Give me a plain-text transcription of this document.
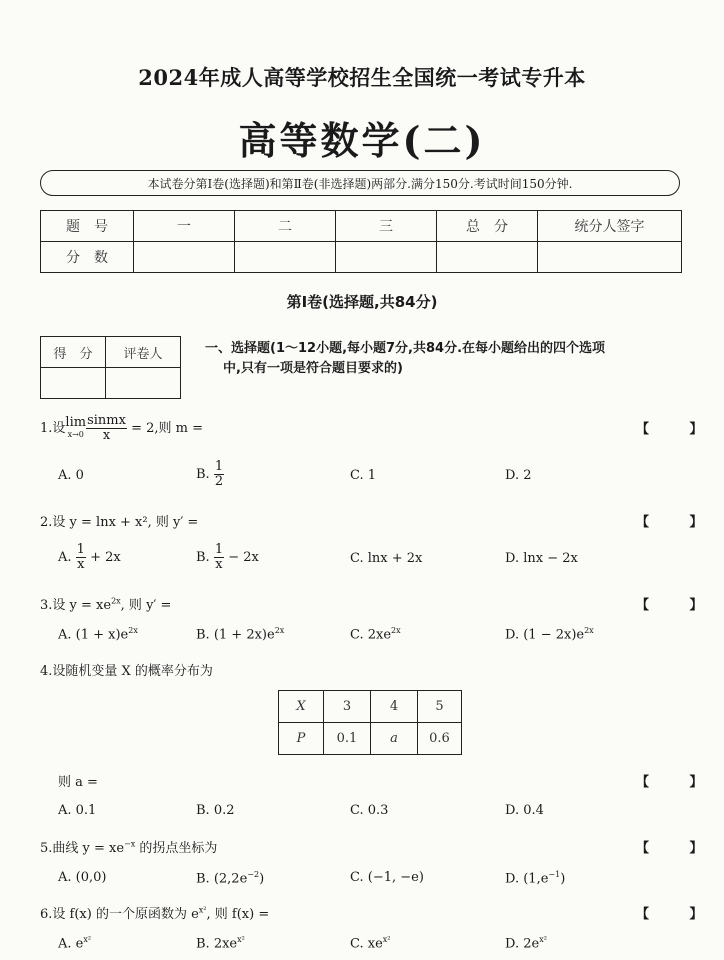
2024年成人高等学校招生全国统一考试专升本
高等数学(二)
本试卷分第Ⅰ卷(选择题)和第Ⅱ卷(非选择题)两部分.满分150分.考试时间150分钟.
题　号	一	二	三	总　分	统分人签字
分　数					
第Ⅰ卷(选择题,共84分)
得　分	评卷人
		一、选择题(1～12小题,每小题7分,共84分.在每小题给出的四个选项
中,只有一项是符合题目要求的)
1.设lim
$x\to 0 \frac{\text{sinmx}}{x} = 2$,则 m =	【 】
A. 0	B. $\frac{1}{2}$	C. 1	D. 2
2.设 y = lnx + x², 则 y′ =	【 】
A. $\frac{1}{x} + 2x$	B. $\frac{1}{x} - 2x$	C. lnx + 2x	D. lnx − 2x
3.设 $y = xe^{2x}$, 则 y′ =	【 】
A. $(1 + x)e^{2x}$	B. $(1 + 2x)e^{2x}$	C. $2xe^{2x}$	D. $(1 - 2x)e^{2x}$
4.设随机变量 X 的概率分布为
X	3	4	5
P	0.1	a	0.6
则 a =	【 】
A. 0.1	B. 0.2	C. 0.3	D. 0.4
5.曲线 $y = xe^{-x}$ 的拐点坐标为	【 】
A. (0,0)	B. $(2,2e^{-2})$	C. (−1, −e)	D. $(1,e^{-1})$
6.设 f(x) 的一个原函数为 $e^{x^2}$, 则 f(x) =	【 】
A. $e^{x^2}$	B. $2xe^{x^2}$	C. $xe^{x^2}$	D. $2e^{x^2}$
